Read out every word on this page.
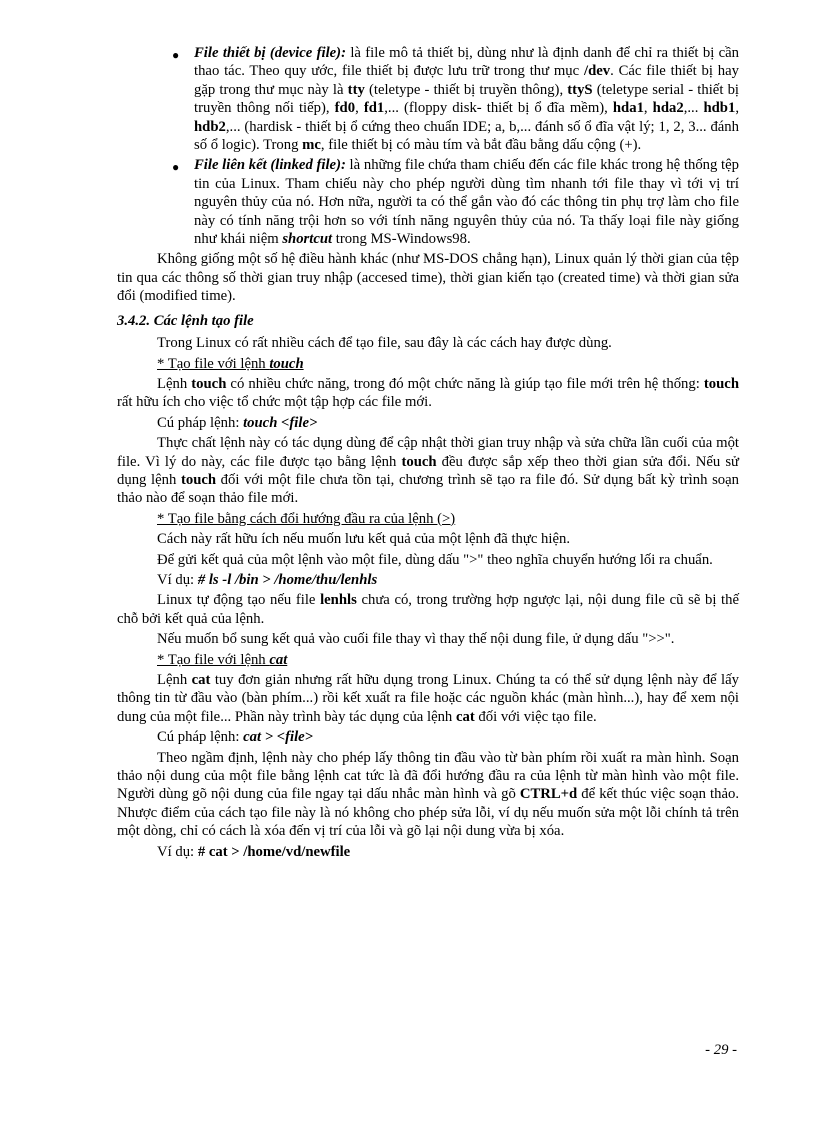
● File thiết bị (device file): là file mô tả thiết bị, dùng như là định danh để chỉ ra thiết bị cần thao tác. Theo quy ước, file thiết bị được lưu trữ trong thư mục /dev. Các file thiết bị hay gặp trong thư mục này là tty (teletype - thiết bị truyền thông), ttyS (teletype serial - thiết bị truyền thông nối tiếp), fd0, fd1,... (floppy disk- thiết bị ổ đĩa mềm), hda1, hda2,... hdb1, hdb2,... (hardisk - thiết bị ổ cứng theo chuẩn IDE; a, b,... đánh số ổ đĩa vật lý; 1, 2, 3... đánh số ổ logic). Trong mc, file thiết bị có màu tím và bắt đầu bằng dấu cộng (+).
● File liên kết (linked file): là những file chứa tham chiếu đến các file khác trong hệ thống tệp tin của Linux. Tham chiếu này cho phép người dùng tìm nhanh tới file thay vì tới vị trí nguyên thủy của nó. Hơn nữa, người ta có thể gắn vào đó các thông tin phụ trợ làm cho file này có tính năng trội hơn so với tính năng nguyên thủy của nó. Ta thấy loại file này giống như khái niệm shortcut trong MS-Windows98.

Không giống một số hệ điều hành khác (như MS-DOS chẳng hạn), Linux quản lý thời gian của tệp tin qua các thông số thời gian truy nhập (accesed time), thời gian kiến tạo (created time) và thời gian sửa đổi (modified time).

3.4.2. Các lệnh tạo file

Trong Linux có rất nhiều cách để tạo file, sau đây là các cách hay được dùng.

* Tạo file với lệnh touch

Lệnh touch có nhiều chức năng, trong đó một chức năng là giúp tạo file mới trên hệ thống: touch rất hữu ích cho việc tổ chức một tập hợp các file mới.

Cú pháp lệnh: touch <file>

Thực chất lệnh này có tác dụng dùng để cập nhật thời gian truy nhập và sửa chữa lần cuối của một file. Vì lý do này, các file được tạo bằng lệnh touch đều được sắp xếp theo thời gian sửa đổi. Nếu sử dụng lệnh touch đối với một file chưa tồn tại, chương trình sẽ tạo ra file đó. Sử dụng bất kỳ trình soạn thảo nào để soạn thảo file mới.

* Tạo file bằng cách đổi hướng đầu ra của lệnh (>)

Cách này rất hữu ích nếu muốn lưu kết quả của một lệnh đã thực hiện.

Để gửi kết quả của một lệnh vào một file, dùng dấu ">" theo nghĩa chuyển hướng lối ra chuẩn.

Ví dụ: # ls -l /bin > /home/thu/lenhls

Linux tự động tạo nếu file lenhls chưa có, trong trường hợp ngược lại, nội dung file cũ sẽ bị thế chỗ bởi kết quả của lệnh.

Nếu muốn bổ sung kết quả vào cuối file thay vì thay thế nội dung file, ử dụng dấu ">>".

* Tạo file với lệnh cat

Lệnh cat tuy đơn giản nhưng rất hữu dụng trong Linux. Chúng ta có thể sử dụng lệnh này để lấy thông tin từ đầu vào (bàn phím...) rồi kết xuất ra file hoặc các nguồn khác (màn hình...), hay để xem nội dung của một file... Phần này trình bày tác dụng của lệnh cat đối với việc tạo file.

Cú pháp lệnh: cat > <file>

Theo ngầm định, lệnh này cho phép lấy thông tin đầu vào từ bàn phím rồi xuất ra màn hình. Soạn thảo nội dung của một file bằng lệnh cat tức là đã đổi hướng đầu ra của lệnh từ màn hình vào một file. Người dùng gõ nội dung của file ngay tại dấu nhắc màn hình và gõ CTRL+d để kết thúc việc soạn thảo. Nhược điểm của cách tạo file này là nó không cho phép sửa lỗi, ví dụ nếu muốn sửa một lỗi chính tả trên một dòng, chỉ có cách là xóa đến vị trí của lỗi và gõ lại nội dung vừa bị xóa.

Ví dụ: # cat > /home/vd/newfile

- 29 -
